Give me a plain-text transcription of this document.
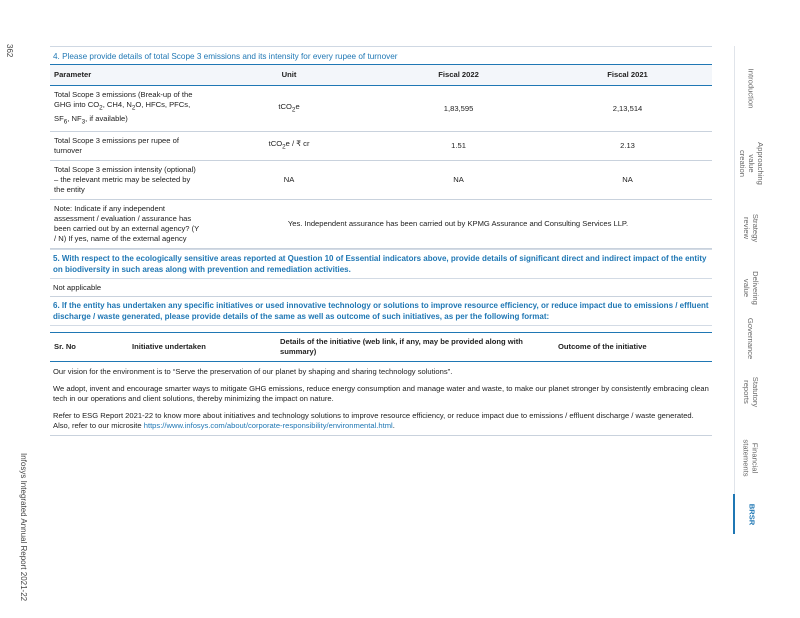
362
Infosys Integrated Annual Report 2021-22
4. Please provide details of total Scope 3 emissions and its intensity for every rupee of turnover
Parameter	Unit	Fiscal 2022	Fiscal 2021
Total Scope 3 emissions (Break-up of the GHG into $CO_2$, CH4, $N_2O$, HFCs, PFCs, $SF_6$, $NF_3$, if available)	tCO$_2$e	1,83,595	2,13,514
Total Scope 3 emissions per rupee of turnover	tCO$_2$e / ₹ cr	1.51	2.13
Total Scope 3 emission intensity (optional) – the relevant metric may be selected by the entity	NA	NA	NA
Note: Indicate if any independent assessment / evaluation / assurance has been carried out by an external agency? (Y / N) If yes, name of the external agency	Yes. Independent assurance has been carried out by KPMG Assurance and Consulting Services LLP.		
5. With respect to the ecologically sensitive areas reported at Question 10 of Essential indicators above, provide details of significant direct and indirect impact of the entity on biodiversity in such areas along with prevention and remediation activities.
Not applicable
6. If the entity has undertaken any specific initiatives or used innovative technology or solutions to improve resource efficiency, or reduce impact due to emissions / effluent discharge / waste generated, please provide details of the same as well as outcome of such initiatives, as per the following format:
Sr. No	Initiative undertaken	Details of the initiative (web link, if any, may be provided along with summary)	Outcome of the initiative
Our vision for the environment is to “Serve the preservation of our planet by shaping and sharing technology solutions”.
We adopt, invent and encourage smarter ways to mitigate GHG emissions, reduce energy consumption and manage water and waste, to make our planet stronger by consistently embracing clean tech in our operations and client solutions, thereby minimizing the impact on nature.
Refer to ESG Report 2021-22 to know more about initiatives and technology solutions to improve resource efficiency, or reduce impact due to emissions / effluent discharge / waste generated. Also, refer to our microsite https://www.infosys.com/about/corporate-responsibility/environmental.html.
Introduction
Approaching value creation
Strategy review
Delivering value
Governance
Statutory reports
Financial statements
BRSR
